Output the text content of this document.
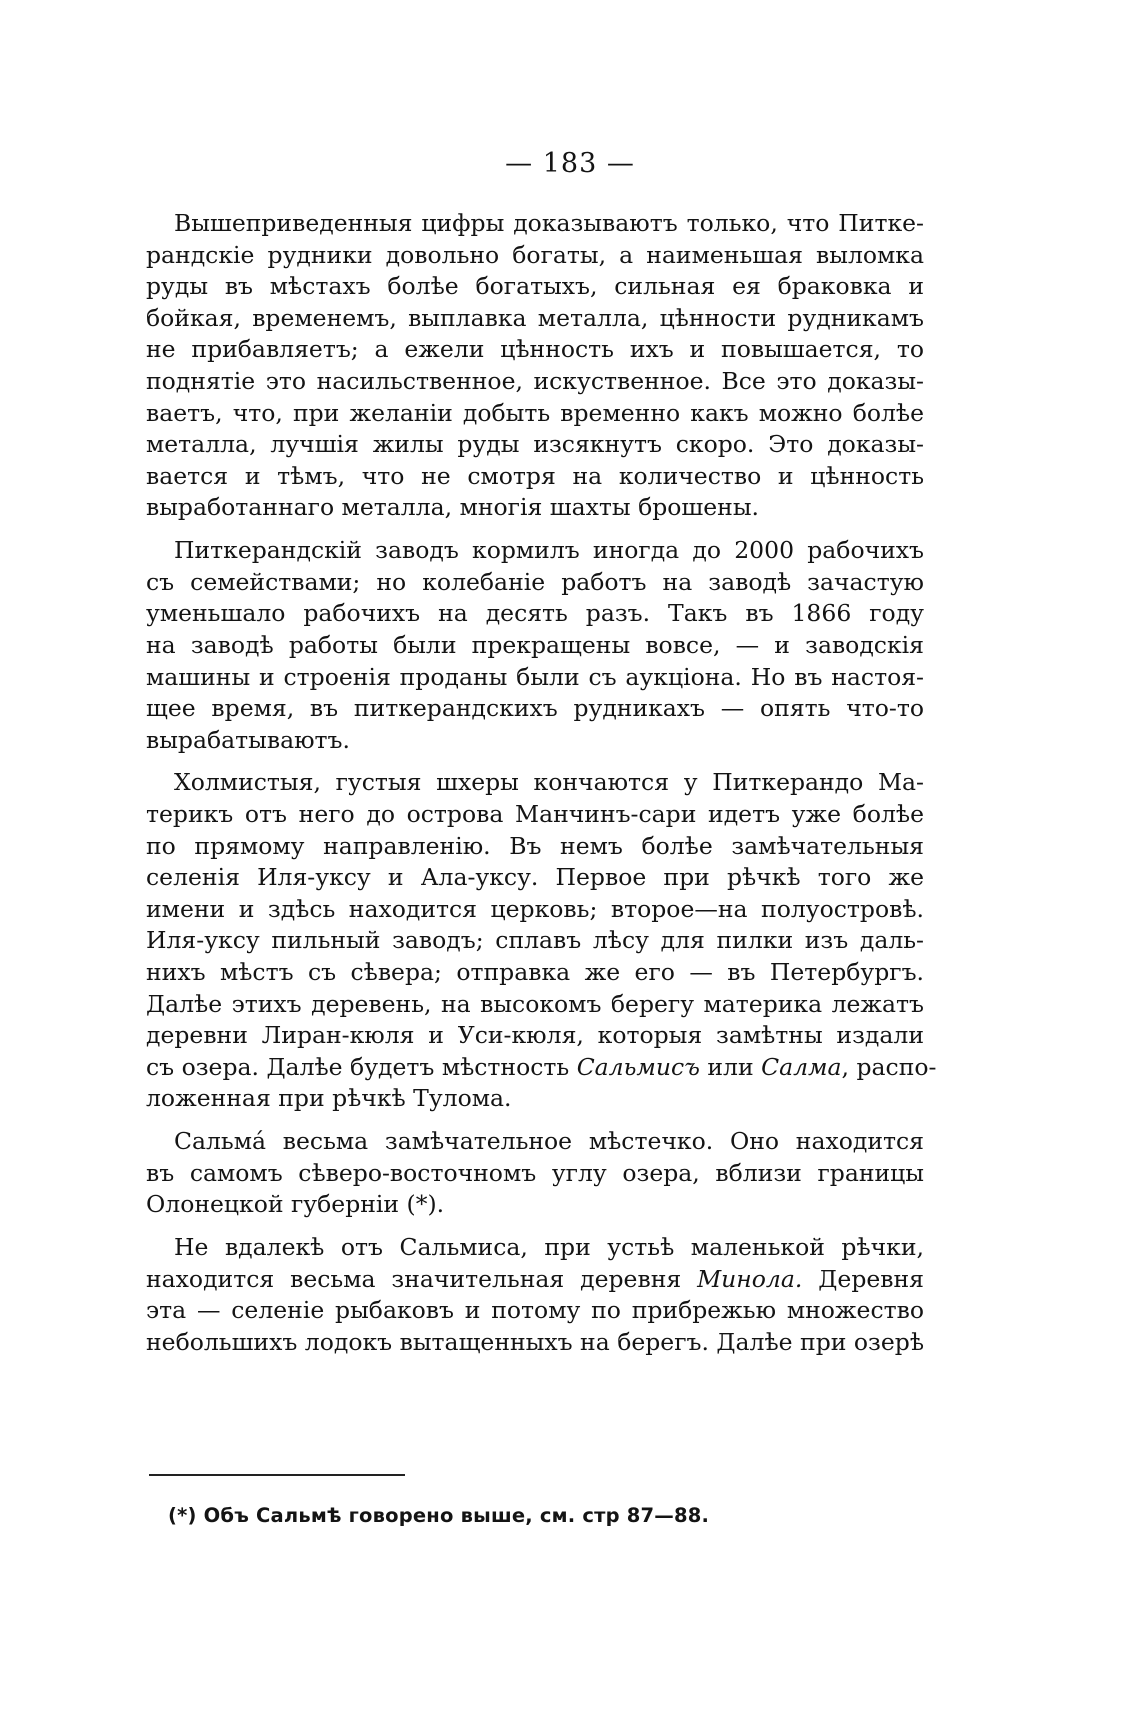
— 183 —
Вышеприведенныя цифры доказываютъ только, что Питке-
рандскіе рудники довольно богаты, а наименьшая выломка
руды въ мѣстахъ болѣе богатыхъ, сильная ея браковка и
бойкая, временемъ, выплавка металла, цѣнности рудникамъ
не прибавляетъ; а ежели цѣнность ихъ и повышается, то
поднятіе это насильственное, искуственное. Все это доказы-
ваетъ, что, при желаніи добыть временно какъ можно болѣе
металла, лучшія жилы руды изсякнутъ скоро. Это доказы-
вается и тѣмъ, что не смотря на количество и цѣнность
выработаннаго металла, многія шахты брошены.
Питкерандскій заводъ кормилъ иногда до 2000 рабочихъ
съ семействами; но колебаніе работъ на заводѣ зачастую
уменьшало рабочихъ на десять разъ. Такъ въ 1866 году
на заводѣ работы были прекращены вовсе, — и заводскія
машины и строенія проданы были съ аукціона. Но въ настоя-
щее время, въ питкерандскихъ рудникахъ — опять что-то
вырабатываютъ.
Холмистыя, густыя шхеры кончаются у Питкерандо Ма-
терикъ отъ него до острова Манчинъ-сари идетъ уже болѣе
по прямому направленію. Въ немъ болѣе замѣчательныя
селенія Иля-уксу и Ала-уксу. Первое при рѣчкѣ того же
имени и здѣсь находится церковь; второе—на полуостровѣ.
Иля-уксу пильный заводъ; сплавъ лѣсу для пилки изъ даль-
нихъ мѣстъ съ сѣвера; отправка же его — въ Петербургъ.
Далѣе этихъ деревень, на высокомъ берегу материка лежатъ
деревни Лиран-кюля и Уси-кюля, которыя замѣтны издали
съ озера. Далѣе будетъ мѣстность Сальмисъ или Салма, распо-
ложенная при рѣчкѣ Тулома.
Сальмá весьма замѣчательное мѣстечко. Оно находится
въ самомъ сѣверо-восточномъ углу озера, вблизи границы
Олонецкой губерніи (*).
Не вдалекѣ отъ Сальмиса, при устьѣ маленькой рѣчки,
находится весьма значительная деревня Минола. Деревня
эта — селеніе рыбаковъ и потому по прибрежью множество
небольшихъ лодокъ вытащенныхъ на берегъ. Далѣе при озерѣ
(*) Объ Сальмѣ говорено выше, см. стр 87—88.
